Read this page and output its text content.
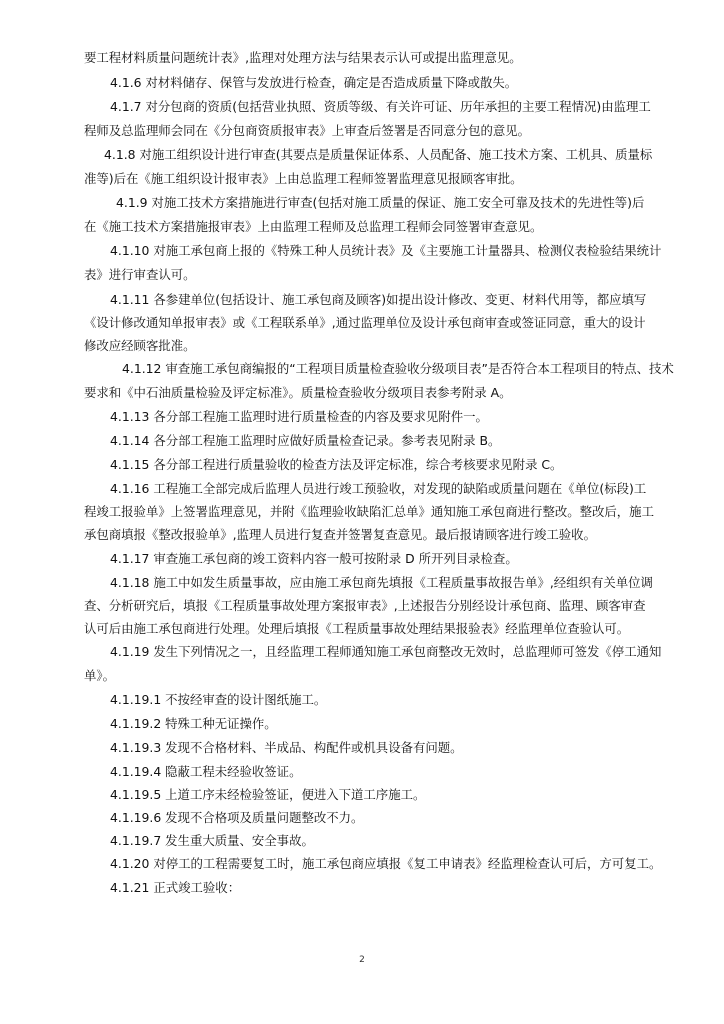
要工程材料质量问题统计表》,监理对处理方法与结果表示认可或提出监理意见。
4.1.6 对材料储存、保管与发放进行检查，确定是否造成质量下降或散失。
4.1.7 对分包商的资质(包括营业执照、资质等级、有关许可证、历年承担的主要工程情况)由监理工
程师及总监理师会同在《分包商资质报审表》上审查后签署是否同意分包的意见。
4.1.8 对施工组织设计进行审查(其要点是质量保证体系、人员配备、施工技术方案、工机具、质量标
准等)后在《施工组织设计报审表》上由总监理工程师签署监理意见报顾客审批。
4.1.9 对施工技术方案措施进行审查(包括对施工质量的保证、施工安全可靠及技术的先进性等)后
在《施工技术方案措施报审表》上由监理工程师及总监理工程师会同签署审查意见。
4.1.10 对施工承包商上报的《特殊工种人员统计表》及《主要施工计量器具、检测仪表检验结果统计
表》进行审查认可。
4.1.11 各参建单位(包括设计、施工承包商及顾客)如提出设计修改、变更、材料代用等，都应填写
《设计修改通知单报审表》或《工程联系单》,通过监理单位及设计承包商审查或签证同意，重大的设计
修改应经顾客批准。
4.1.12 审查施工承包商编报的“工程项目质量检查验收分级项目表”是否符合本工程项目的特点、技术
要求和《中石油质量检验及评定标准》。质量检查验收分级项目表参考附录 A。
4.1.13 各分部工程施工监理时进行质量检查的内容及要求见附件一。
4.1.14 各分部工程施工监理时应做好质量检查记录。参考表见附录 B。
4.1.15 各分部工程进行质量验收的检查方法及评定标准，综合考核要求见附录 C。
4.1.16 工程施工全部完成后监理人员进行竣工预验收，对发现的缺陷或质量问题在《单位(标段)工
程竣工报验单》上签署监理意见，并附《监理验收缺陷汇总单》通知施工承包商进行整改。整改后，施工
承包商填报《整改报验单》,监理人员进行复查并签署复查意见。最后报请顾客进行竣工验收。
4.1.17 审查施工承包商的竣工资料内容一般可按附录 D 所开列目录检查。
4.1.18 施工中如发生质量事故，应由施工承包商先填报《工程质量事故报告单》,经组织有关单位调
查、分析研究后，填报《工程质量事故处理方案报审表》,上述报告分别经设计承包商、监理、顾客审查
认可后由施工承包商进行处理。处理后填报《工程质量事故处理结果报验表》经监理单位查验认可。
4.1.19 发生下列情况之一，且经监理工程师通知施工承包商整改无效时，总监理师可签发《停工通知
单》。
4.1.19.1 不按经审查的设计图纸施工。
4.1.19.2 特殊工种无证操作。
4.1.19.3 发现不合格材料、半成品、构配件或机具设备有问题。
4.1.19.4 隐蔽工程未经验收签证。
4.1.19.5 上道工序未经检验签证，便进入下道工序施工。
4.1.19.6 发现不合格项及质量问题整改不力。
4.1.19.7 发生重大质量、安全事故。
4.1.20 对停工的工程需要复工时，施工承包商应填报《复工申请表》经监理检查认可后，方可复工。
4.1.21 正式竣工验收：
2
